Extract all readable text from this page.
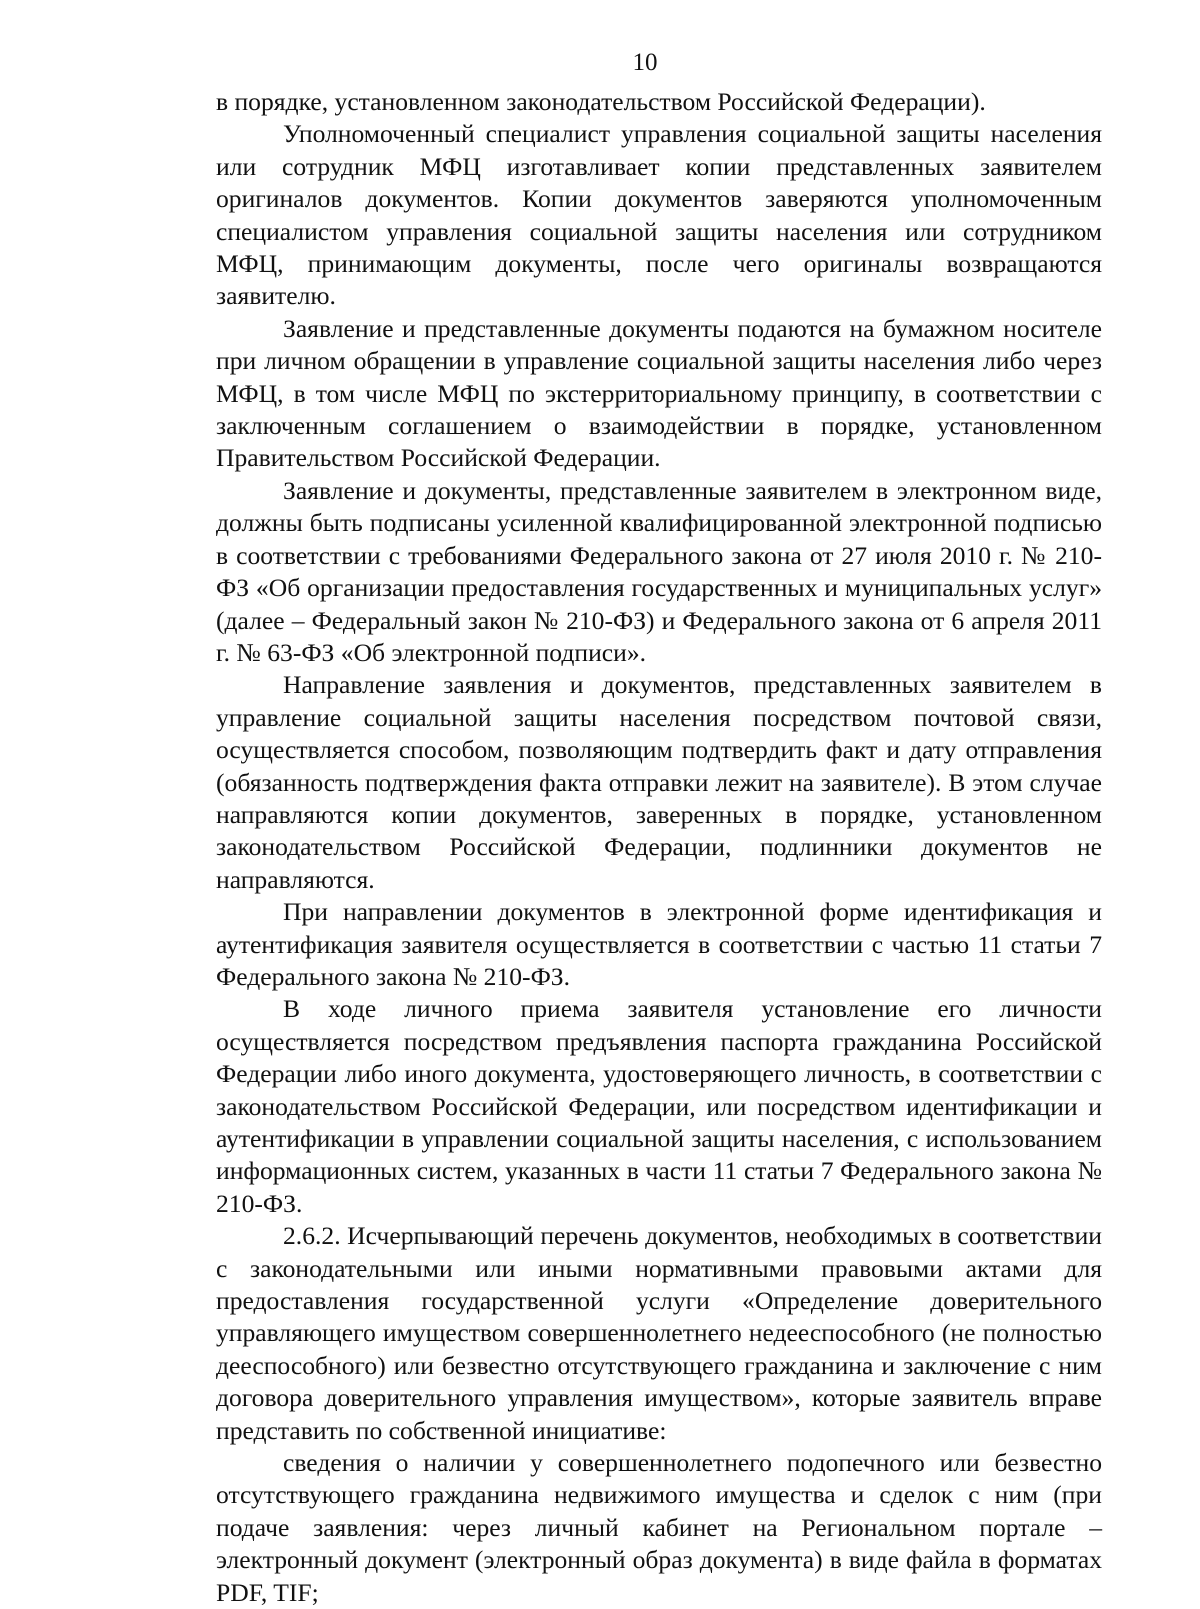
10

в порядке, установленном законодательством Российской Федерации).

Уполномоченный специалист управления социальной защиты населения или сотрудник МФЦ изготавливает копии представленных заявителем оригиналов документов. Копии документов заверяются уполномоченным специалистом управления социальной защиты населения или сотрудником МФЦ, принимающим документы, после чего оригиналы возвращаются заявителю.

Заявление и представленные документы подаются на бумажном носителе при личном обращении в управление социальной защиты населения либо через МФЦ, в том числе МФЦ по экстерриториальному принципу, в соответствии с заключенным соглашением о взаимодействии в порядке, установленном Правительством Российской Федерации.

Заявление и документы, представленные заявителем в электронном виде, должны быть подписаны усиленной квалифицированной электронной подписью в соответствии с требованиями Федерального закона от 27 июля 2010 г. № 210-ФЗ «Об организации предоставления государственных и муниципальных услуг» (далее – Федеральный закон № 210-ФЗ) и Федерального закона от 6 апреля 2011 г. № 63-ФЗ «Об электронной подписи».

Направление заявления и документов, представленных заявителем в управление социальной защиты населения посредством почтовой связи, осуществляется способом, позволяющим подтвердить факт и дату отправления (обязанность подтверждения факта отправки лежит на заявителе). В этом случае направляются копии документов, заверенных в порядке, установленном законодательством Российской Федерации, подлинники документов не направляются.

При направлении документов в электронной форме идентификация и аутентификация заявителя осуществляется в соответствии с частью 11 статьи 7 Федерального закона № 210-ФЗ.

В ходе личного приема заявителя установление его личности осуществляется посредством предъявления паспорта гражданина Российской Федерации либо иного документа, удостоверяющего личность, в соответствии с законодательством Российской Федерации, или посредством идентификации и аутентификации в управлении социальной защиты населения, с использованием информационных систем, указанных в части 11 статьи 7 Федерального закона № 210-ФЗ.

2.6.2. Исчерпывающий перечень документов, необходимых в соответствии с законодательными или иными нормативными правовыми актами для предоставления государственной услуги «Определение доверительного управляющего имуществом совершеннолетнего недееспособного (не полностью дееспособного) или безвестно отсутствующего гражданина и заключение с ним договора доверительного управления имуществом», которые заявитель вправе представить по собственной инициативе:

сведения о наличии у совершеннолетнего подопечного или безвестно отсутствующего гражданина недвижимого имущества и сделок с ним (при подаче заявления: через личный кабинет на Региональном портале – электронный документ (электронный образ документа) в виде файла в форматах PDF, TIF;
